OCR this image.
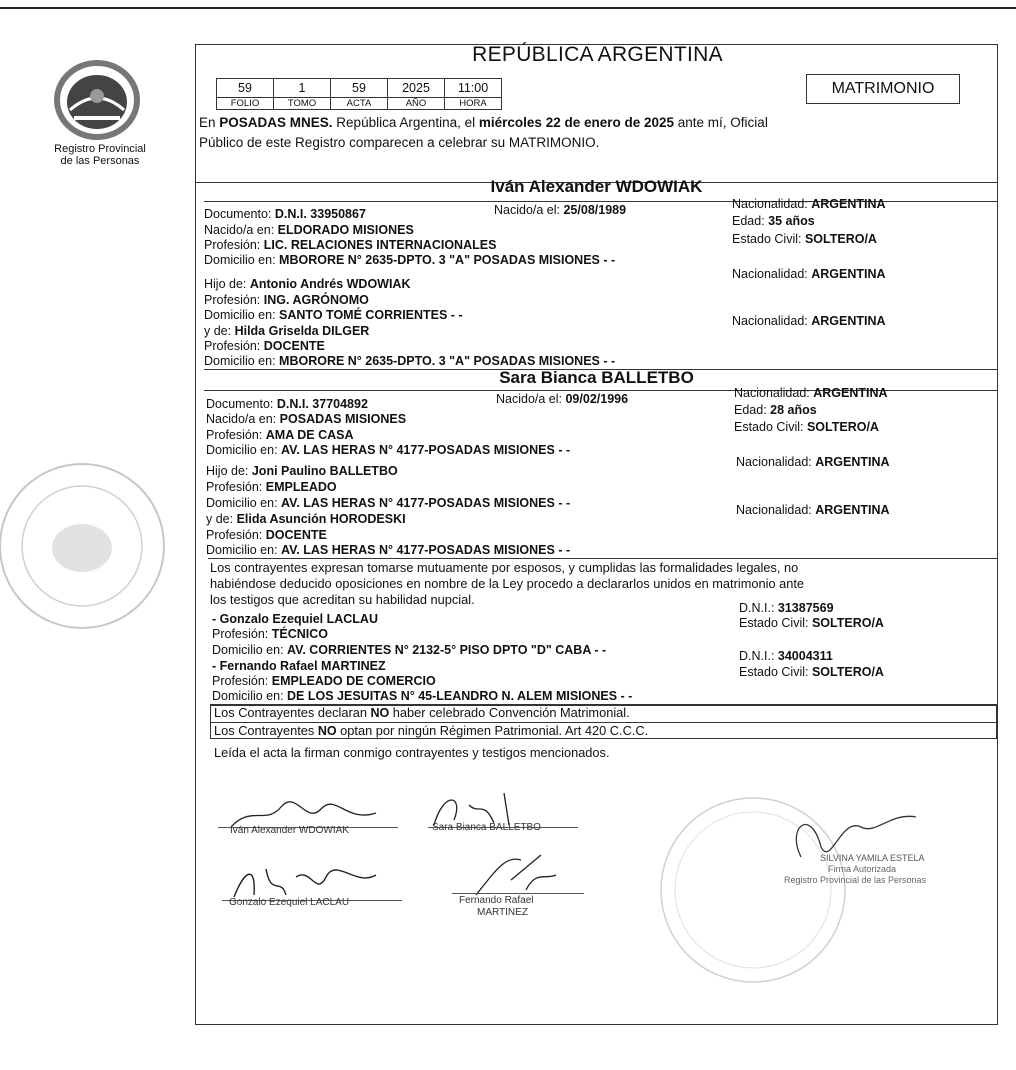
Registro Provincial
de las Personas
REPÚBLICA ARGENTINA
59	1	59	2025	11:00
FOLIO	TOMO	ACTA	AÑO	HORA
MATRIMONIO
En POSADAS MNES. República Argentina, el miércoles 22 de enero de 2025 ante mí, Oficial
Público de este Registro comparecen a celebrar su MATRIMONIO.
Iván Alexander WDOWIAK
Documento: D.N.I. 33950867	Nacido/a el: 25/08/1989	Nacionalidad: ARGENTINA
Nacido/a en: ELDORADO MISIONES
Edad: 35 años
Profesión: LIC. RELACIONES INTERNACIONALES	Estado Civil: SOLTERO/A
Domicilio en: MBORORE N° 2635-DPTO. 3 "A" POSADAS MISIONES - -
Hijo de: Antonio Andrés WDOWIAK
Nacionalidad: ARGENTINA
Profesión: ING. AGRÓNOMO
Domicilio en: SANTO TOMÉ CORRIENTES - -
y de: Hilda Griselda DILGER
Nacionalidad: ARGENTINA
Profesión: DOCENTE
Domicilio en: MBORORE N° 2635-DPTO. 3 "A" POSADAS MISIONES - -
Sara Bianca BALLETBO
Documento: D.N.I. 37704892	Nacido/a el: 09/02/1996	Nacionalidad: ARGENTINA
Nacido/a en: POSADAS MISIONES
Edad: 28 años
Profesión: AMA DE CASA
Estado Civil: SOLTERO/A
Domicilio en: AV. LAS HERAS N° 4177-POSADAS MISIONES - -
Hijo de: Joni Paulino BALLETBO
Nacionalidad: ARGENTINA
Profesión: EMPLEADO
Domicilio en: AV. LAS HERAS N° 4177-POSADAS MISIONES - -
y de: Elida Asunción HORODESKI
Nacionalidad: ARGENTINA
Profesión: DOCENTE
Domicilio en: AV. LAS HERAS N° 4177-POSADAS MISIONES - -
Los contrayentes expresan tomarse mutuamente por esposos, y cumplidas las formalidades legales, no
habiéndose deducido oposiciones en nombre de la Ley procedo a declararlos unidos en matrimonio ante
los testigos que acreditan su habilidad nupcial.
- Gonzalo Ezequiel LACLAU
D.N.I.: 31387569
Profesión: TÉCNICO
Estado Civil: SOLTERO/A
Domicilio en: AV. CORRIENTES N° 2132-5° PISO DPTO "D" CABA - -
- Fernando Rafael MARTINEZ
D.N.I.: 34004311
Profesión: EMPLEADO DE COMERCIO
Estado Civil: SOLTERO/A
Domicilio en: DE LOS JESUITAS N° 45-LEANDRO N. ALEM MISIONES - -
Los Contrayentes declaran NO haber celebrado Convención Matrimonial.
Los Contrayentes NO optan por ningún Régimen Patrimonial. Art 420 C.C.C.
Leída el acta la firman conmigo contrayentes y testigos mencionados.
Iván Alexander WDOWIAK	Sara Bianca BALLETBO
Gonzalo Ezequiel LACLAU	Fernando Rafael
MARTINEZ
SILVINA YAMILA ESTELA
Firma Autorizada
Registro Provincial de las Personas
